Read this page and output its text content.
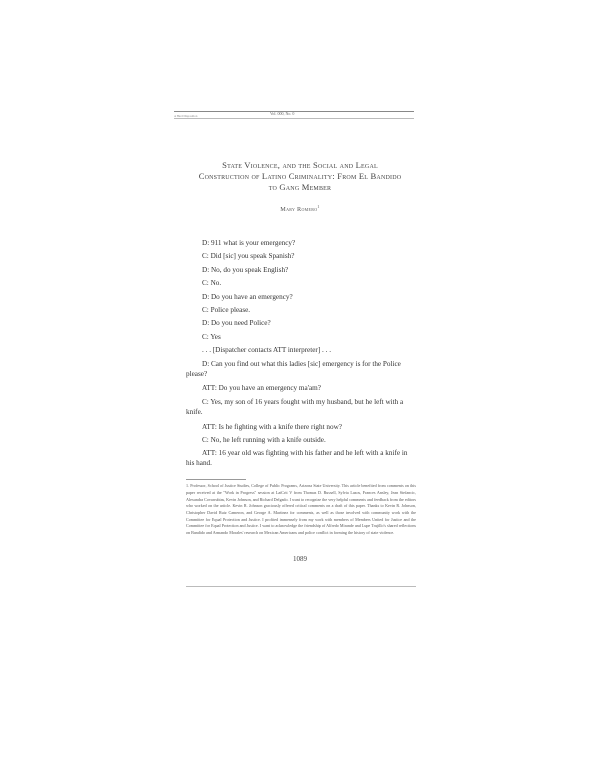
Vol. 000, No. 0
A Hard Disposition
State Violence, and the Social and Legal Construction of Latino Criminality: From El Bandido to Gang Member
Mary Romero$^1$
D: 911 what is your emergency?
C: Did [sic] you speak Spanish?
D: No, do you speak English?
C: No.
D: Do you have an emergency?
C: Police please.
D: Do you need Police?
C: Yes
. . . [Dispatcher contacts ATT interpreter] . . .
D: Can you find out what this ladies [sic] emergency is for the Police please?
ATT: Do you have an emergency ma'am?
C: Yes, my son of 16 years fought with my husband, but he left with a knife.
ATT: Is he fighting with a knife there right now?
C: No, he left running with a knife outside.
ATT: 16 year old was fighting with his father and he left with a knife in his hand.
1. Professor, School of Justice Studies, College of Public Programs, Arizona State University. This article benefited from comments on this paper received at the "Work in Progress" session at LatCrit V from Thomas D. Russell, Sylvia Lazos, Frances Ansley, Jean Stefancic, Alexandra Covarrubias, Kevin Johnson, and Richard Delgado. I want to recognize the very helpful comments and feedback from the editors who worked on the article. Kevin R. Johnson graciously offered critical comments on a draft of this paper. Thanks to Kevin R. Johnson, Christopher David Ruiz Cameron, and George A. Martinez for comments, as well as those involved with community work with the Committee for Equal Protection and Justice. I profited immensely from my work with members of Members United for Justice and the Committee for Equal Protection and Justice. I want to acknowledge the friendship of Alfredo Mirande and Lupe Trujillo's shared reflections on Bandido and Armando Morales' research on Mexican Americans and police conflict in forming the history of state violence.
1089
